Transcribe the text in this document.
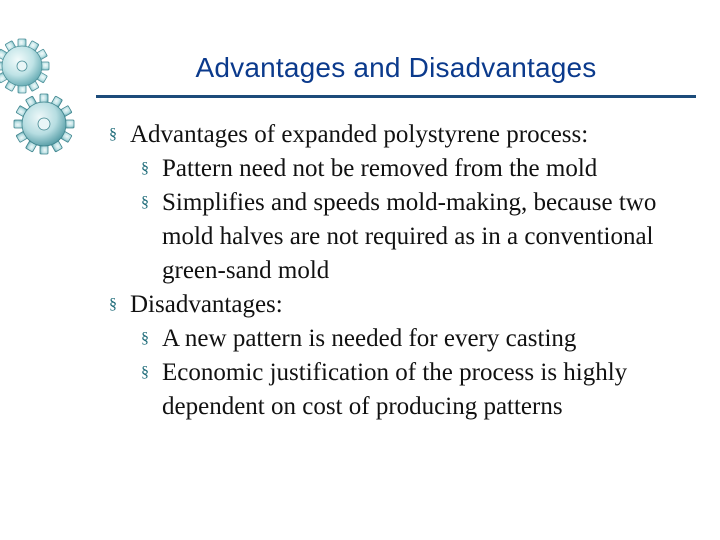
Advantages and Disadvantages
§ Advantages of expanded polystyrene process:
§ Pattern need not be removed from the mold
§ Simplifies and speeds mold‑making, because two mold halves are not required as in a conventional green‑sand mold
§ Disadvantages:
§ A new pattern is needed for every casting
§ Economic justification of the process is highly dependent on cost of producing patterns
